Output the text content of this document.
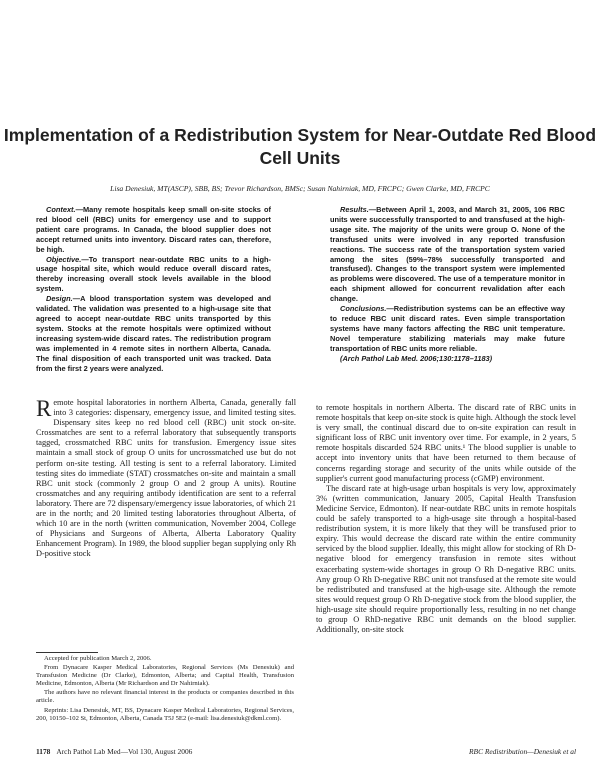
Implementation of a Redistribution System for Near-Outdate Red Blood Cell Units
Lisa Denesiuk, MT(ASCP), SBB, BS; Trevor Richardson, BMSc; Susan Nahirniak, MD, FRCPC; Gwen Clarke, MD, FRCPC

Context.—Many remote hospitals keep small on-site stocks of red blood cell (RBC) units for emergency use and to support patient care programs. In Canada, the blood supplier does not accept returned units into inventory. Discard rates can, therefore, be high.

Objective.—To transport near-outdate RBC units to a high-usage hospital site, which would reduce overall discard rates, thereby increasing overall stock levels available in the blood system.

Design.—A blood transportation system was developed and validated. The validation was presented to a high-usage site that agreed to accept near-outdate RBC units transported by this system. Stocks at the remote hospitals were optimized without increasing system-wide discard rates. The redistribution program was implemented in 4 remote sites in northern Alberta, Canada. The final disposition of each transported unit was tracked. Data from the first 2 years were analyzed.

Results.—Between April 1, 2003, and March 31, 2005, 106 RBC units were successfully transported to and transfused at the high-usage site. The majority of the units were group O. None of the transfused units were involved in any reported transfusion reactions. The success rate of the transportation system varied among the sites (59%–78% successfully transported and transfused). Changes to the transport system were implemented as problems were discovered. The use of a temperature monitor in each shipment allowed for concurrent revalidation after each change.

Conclusions.—Redistribution systems can be an effective way to reduce RBC unit discard rates. Even simple transportation systems have many factors affecting the RBC unit temperature. Novel temperature stabilizing materials may make future transportation of RBC units more reliable.

(Arch Pathol Lab Med. 2006;130:1178–1183)

Remote hospital laboratories in northern Alberta, Canada, generally fall into 3 categories: dispensary, emergency issue, and limited testing sites. Dispensary sites keep no red blood cell (RBC) unit stock on-site. Crossmatches are sent to a referral laboratory that subsequently transports tagged, crossmatched RBC units for transfusion. Emergency issue sites maintain a small stock of group O units for uncrossmatched use but do not perform on-site testing. All testing is sent to a referral laboratory. Limited testing sites do immediate (STAT) crossmatches on-site and maintain a small RBC unit stock (commonly 2 group O and 2 group A units). Routine crossmatches and any requiring antibody identification are sent to a referral laboratory. There are 72 dispensary/emergency issue laboratories, of which 21 are in the north; and 20 limited testing laboratories throughout Alberta, of which 10 are in the north (written communication, November 2004, College of Physicians and Surgeons of Alberta, Alberta Laboratory Quality Enhancement Program). In 1989, the blood supplier began supplying only Rh D-positive stock

to remote hospitals in northern Alberta. The discard rate of RBC units in remote hospitals that keep on-site stock is quite high. Although the stock level is very small, the continual discard due to on-site expiration can result in significant loss of RBC unit inventory over time. For example, in 2 years, 5 remote hospitals discarded 524 RBC units.¹ The blood supplier is unable to accept into inventory units that have been returned to them because of concerns regarding storage and security of the units while outside of the supplier's current good manufacturing process (cGMP) environment.

The discard rate at high-usage urban hospitals is very low, approximately 3% (written communication, January 2005, Capital Health Transfusion Medicine Service, Edmonton). If near-outdate RBC units in remote hospitals could be safely transported to a high-usage site through a hospital-based redistribution system, it is more likely that they will be transfused prior to expiry. This would decrease the discard rate within the entire community serviced by the blood supplier. Ideally, this might allow for stocking of Rh D-negative blood for emergency transfusion in remote sites without exacerbating system-wide shortages in group O Rh D-negative RBC units. Any group O Rh D-negative RBC unit not transfused at the remote site would be redistributed and transfused at the high-usage site. Although the remote sites would request group O Rh D-negative stock from the blood supplier, the high-usage site should require proportionally less, resulting in no net change to group O RhD-negative RBC unit demands on the blood supplier. Additionally, on-site stock

Accepted for publication March 2, 2006.

From Dynacare Kasper Medical Laboratories, Regional Services (Ms Denesiuk) and Transfusion Medicine (Dr Clarke), Edmonton, Alberta; and Capital Health, Transfusion Medicine, Edmonton, Alberta (Mr Richardson and Dr Nahirniak).

The authors have no relevant financial interest in the products or companies described in this article.

Reprints: Lisa Denesiuk, MT, BS, Dynacare Kasper Medical Laboratories, Regional Services, 200, 10150–102 St, Edmonton, Alberta, Canada T5J 5E2 (e-mail: lisa.denesiuk@dkml.com).

1178 Arch Pathol Lab Med—Vol 130, August 2006	RBC Redistribution—Denesiuk et al
